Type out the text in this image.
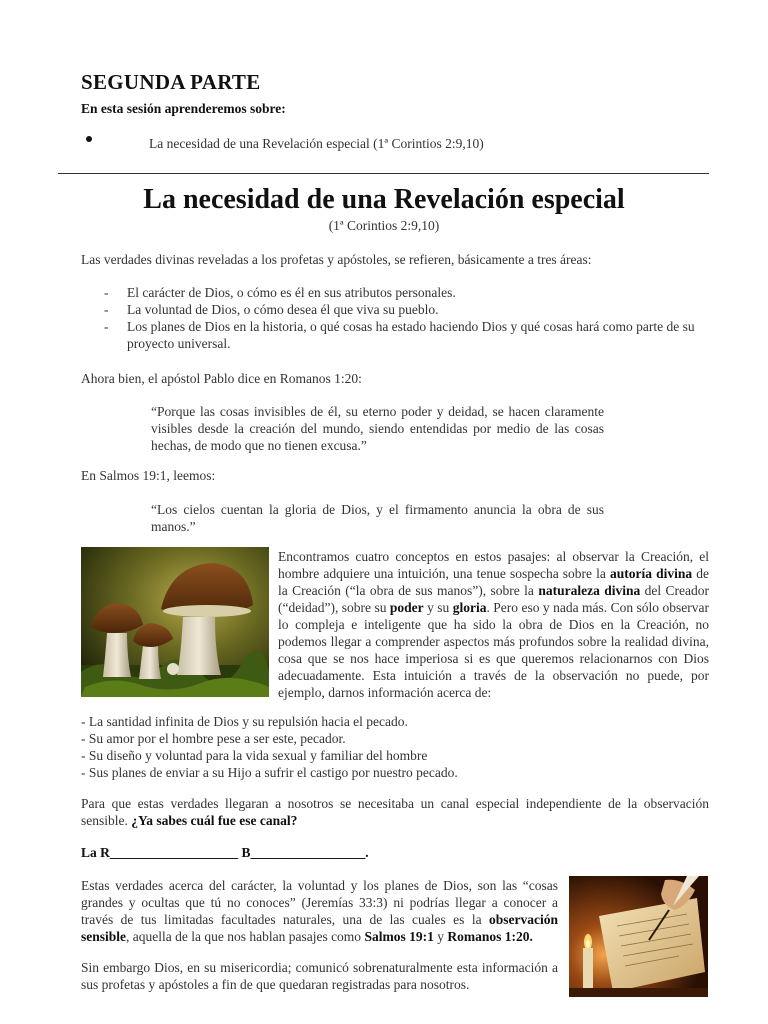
SEGUNDA PARTE
En esta sesión aprenderemos sobre:
La necesidad de una Revelación especial (1ª Corintios 2:9,10)
La necesidad de una Revelación especial
(1ª Corintios 2:9,10)
Las verdades divinas reveladas a los profetas y apóstoles, se refieren, básicamente a tres áreas:
- El carácter de Dios, o cómo es él en sus atributos personales.
- La voluntad de Dios, o cómo desea él que viva su pueblo.
- Los planes de Dios en la historia, o qué cosas ha estado haciendo Dios y qué cosas hará como parte de su proyecto universal.
Ahora bien, el apóstol Pablo dice en Romanos 1:20:
“Porque las cosas invisibles de él, su eterno poder y deidad, se hacen claramente visibles desde la creación del mundo, siendo entendidas por medio de las cosas hechas, de modo que no tienen excusa.”
En Salmos 19:1, leemos:
“Los cielos cuentan la gloria de Dios, y el firmamento anuncia la obra de sus manos.”
Encontramos cuatro conceptos en estos pasajes: al observar la Creación, el hombre adquiere una intuición, una tenue sospecha sobre la autoría divina de la Creación (“la obra de sus manos”), sobre la naturaleza divina del Creador (“deidad”), sobre su poder y su gloria. Pero eso y nada más. Con sólo observar lo compleja e inteligente que ha sido la obra de Dios en la Creación, no podemos llegar a comprender aspectos más profundos sobre la realidad divina, cosa que se nos hace imperiosa si es que queremos relacionarnos con Dios adecuadamente. Esta intuición a través de la observación no puede, por ejemplo, darnos información acerca de:
- La santidad infinita de Dios y su repulsión hacia el pecado.
- Su amor por el hombre pese a ser este, pecador.
- Su diseño y voluntad para la vida sexual y familiar del hombre
- Sus planes de enviar a su Hijo a sufrir el castigo por nuestro pecado.
Para que estas verdades llegaran a nosotros se necesitaba un canal especial independiente de la observación sensible. ¿Ya sabes cuál fue ese canal?
La R___________________ B_________________.
Estas verdades acerca del carácter, la voluntad y los planes de Dios, son las “cosas grandes y ocultas que tú no conoces” (Jeremías 33:3) ni podrías llegar a conocer a través de tus limitadas facultades naturales, una de las cuales es la observación sensible, aquella de la que nos hablan pasajes como Salmos 19:1 y Romanos 1:20.
Sin embargo Dios, en su misericordia; comunicó sobrenaturalmente esta información a sus profetas y apóstoles a fin de que quedaran registradas para nosotros.
